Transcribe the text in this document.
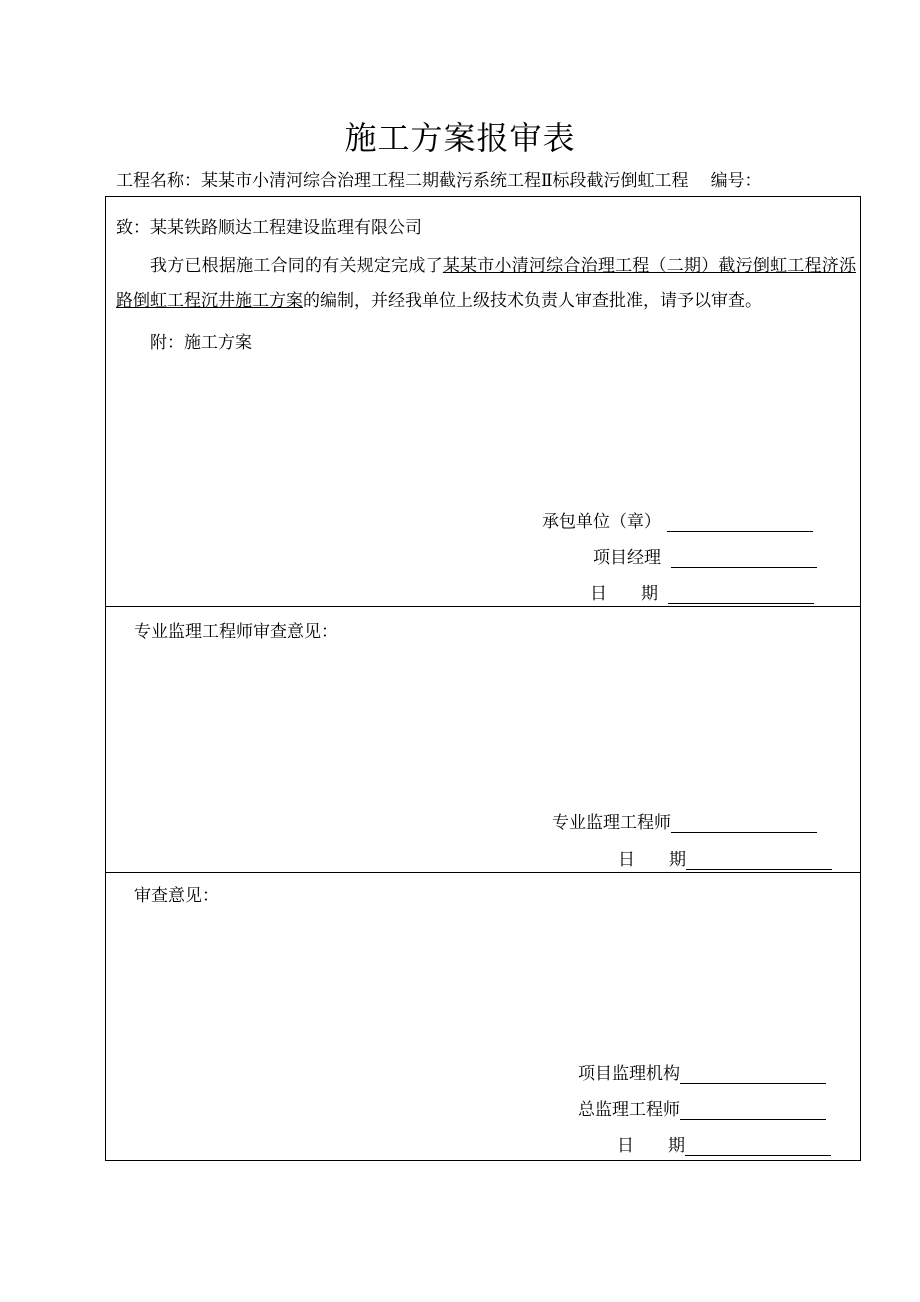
施工方案报审表
工程名称：某某市小清河综合治理工程二期截污系统工程Ⅱ标段截污倒虹工程 编号：
致：某某铁路顺达工程建设监理有限公司
我方已根据施工合同的有关规定完成了某某市小清河综合治理工程（二期）截污倒虹工程济泺路倒虹工程沉井施工方案的编制，并经我单位上级技术负责人审查批准，请予以审查。
附：施工方案
承包单位（章）
项目经理
日　　期
专业监理工程师审查意见：
专业监理工程师
日　　期
审查意见：
项目监理机构
总监理工程师
日　　期
